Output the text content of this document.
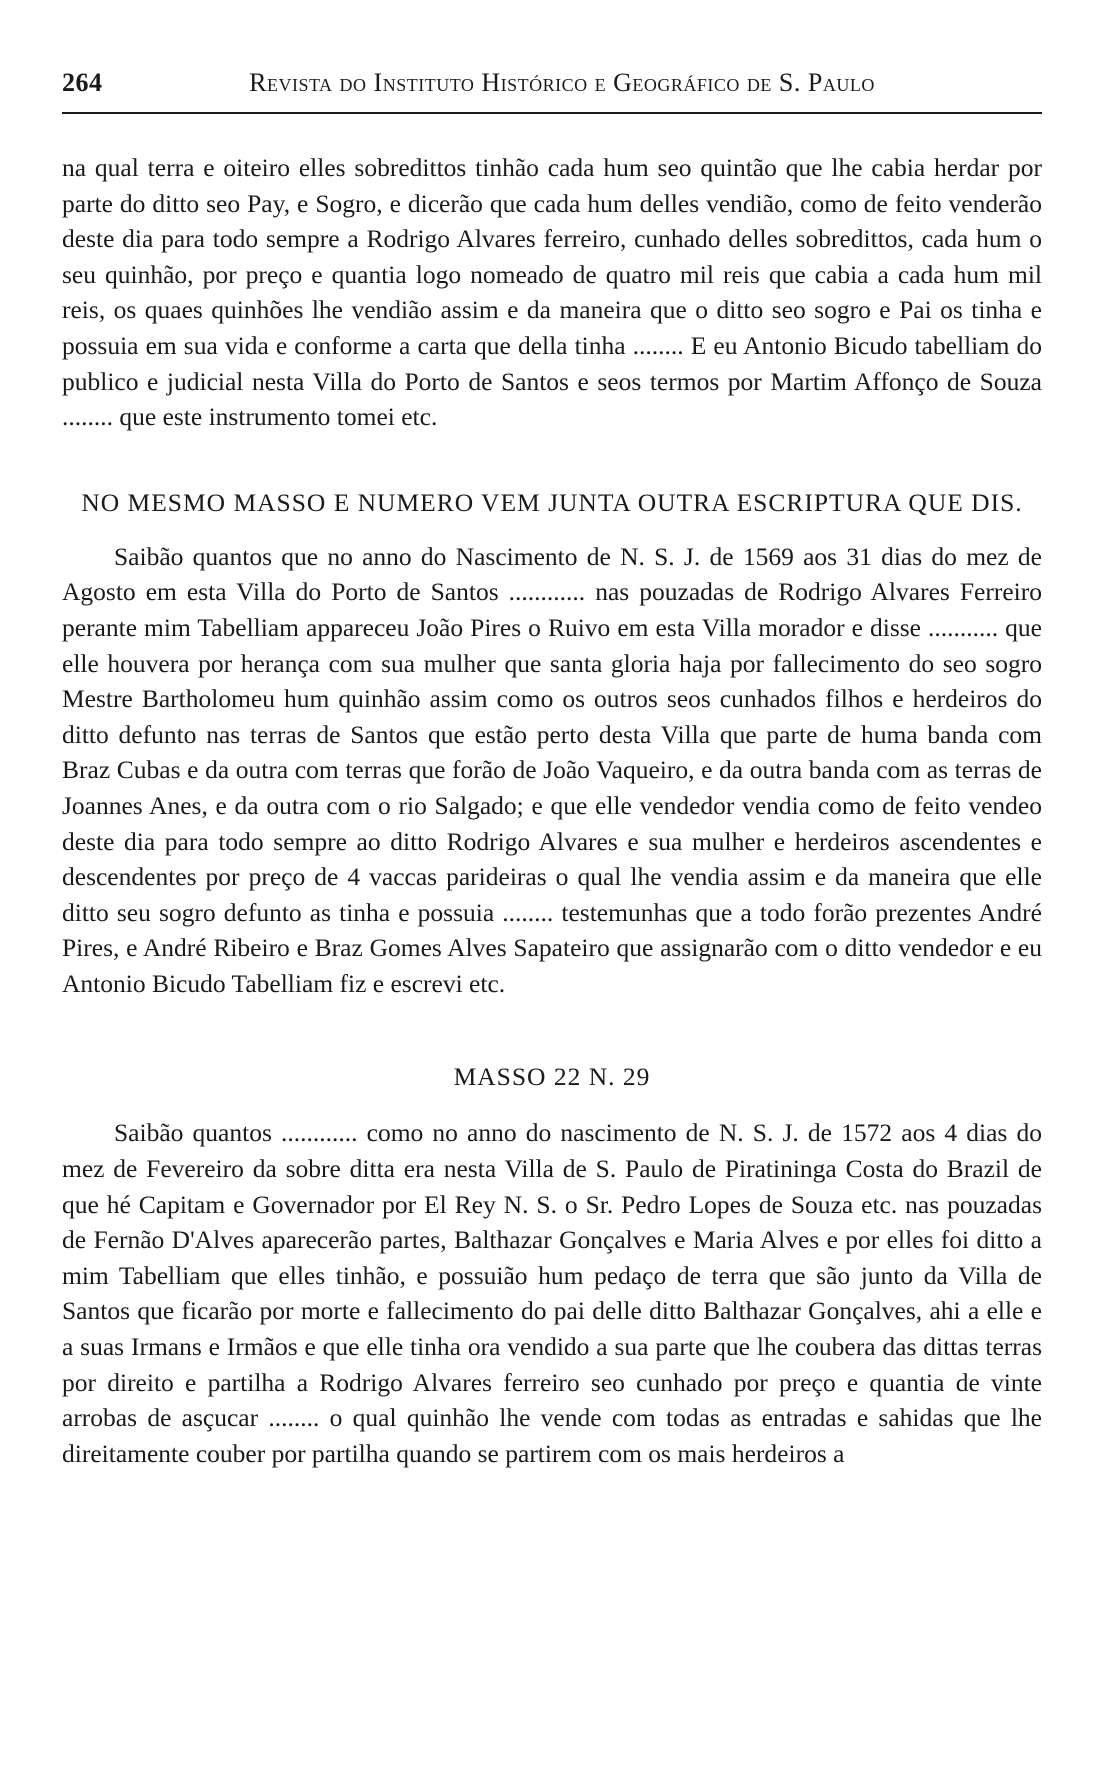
264	Revista do Instituto Histórico e Geográfico de S. Paulo

na qual terra e oiteiro elles sobredittos tinhão cada hum seo quintão que lhe cabia herdar por parte do ditto seo Pay, e Sogro, e dicerão que cada hum delles vendião, como de feito venderão deste dia para todo sempre a Rodrigo Alvares ferreiro, cunhado delles sobredittos, cada hum o seu quinhão, por preço e quantia logo nomeado de quatro mil reis que cabia a cada hum mil reis, os quaes quinhões lhe vendião assim e da maneira que o ditto seo sogro e Pai os tinha e possuia em sua vida e conforme a carta que della tinha ........ E eu Antonio Bicudo tabelliam do publico e judicial nesta Villa do Porto de Santos e seos termos por Martim Affonço de Souza ........ que este instrumento tomei etc.

NO MESMO MASSO E NUMERO VEM JUNTA OUTRA ESCRIPTURA QUE DIS.

Saibão quantos que no anno do Nascimento de N. S. J. de 1569 aos 31 dias do mez de Agosto em esta Villa do Porto de Santos ............ nas pouzadas de Rodrigo Alvares Ferreiro perante mim Tabelliam appareceu João Pires o Ruivo em esta Villa morador e disse ........... que elle houvera por herança com sua mulher que santa gloria haja por fallecimento do seo sogro Mestre Bartholomeu hum quinhão assim como os outros seos cunhados filhos e herdeiros do ditto defunto nas terras de Santos que estão perto desta Villa que parte de huma banda com Braz Cubas e da outra com terras que forão de João Vaqueiro, e da outra banda com as terras de Joannes Anes, e da outra com o rio Salgado; e que elle vendedor vendia como de feito vendeo deste dia para todo sempre ao ditto Rodrigo Alvares e sua mulher e herdeiros ascendentes e descendentes por preço de 4 vaccas parideiras o qual lhe vendia assim e da maneira que elle ditto seu sogro defunto as tinha e possuia ........ testemunhas que a todo forão prezentes André Pires, e André Ribeiro e Braz Gomes Alves Sapateiro que assignarão com o ditto vendedor e eu Antonio Bicudo Tabelliam fiz e escrevi etc.

MASSO 22 N. 29

Saibão quantos ............ como no anno do nascimento de N. S. J. de 1572 aos 4 dias do mez de Fevereiro da sobre ditta era nesta Villa de S. Paulo de Piratininga Costa do Brazil de que hé Capitam e Governador por El Rey N. S. o Sr. Pedro Lopes de Souza etc. nas pouzadas de Fernão D'Alves aparecerão partes, Balthazar Gonçalves e Maria Alves e por elles foi ditto a mim Tabelliam que elles tinhão, e possuião hum pedaço de terra que são junto da Villa de Santos que ficarão por morte e fallecimento do pai delle ditto Balthazar Gonçalves, ahi a elle e a suas Irmans e Irmãos e que elle tinha ora vendido a sua parte que lhe coubera das dittas terras por direito e partilha a Rodrigo Alvares ferreiro seo cunhado por preço e quantia de vinte arrobas de asçucar ........ o qual quinhão lhe vende com todas as entradas e sahidas que lhe direitamente couber por partilha quando se partirem com os mais herdeiros a
